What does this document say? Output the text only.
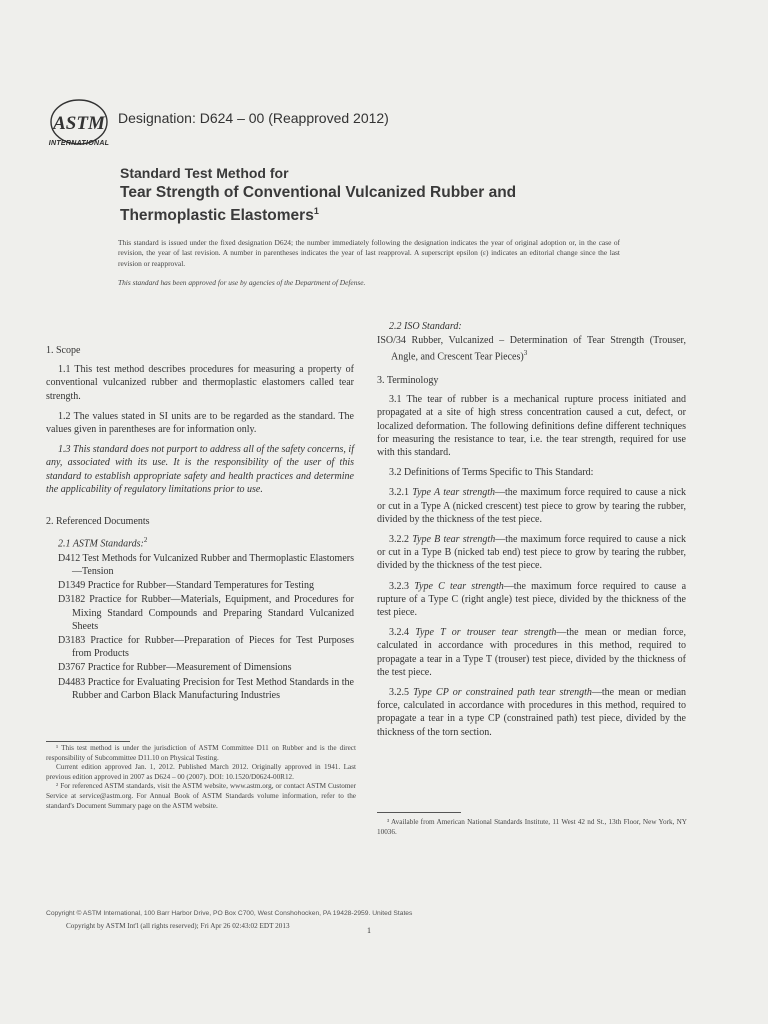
ASTM
INTERNATIONAL
Designation: D624 – 00 (Reapproved 2012)
Standard Test Method for
Tear Strength of Conventional Vulcanized Rubber and
Thermoplastic Elastomers$^1$
This standard is issued under the fixed designation D624; the number immediately following the designation indicates the year of original adoption or, in the case of revision, the year of last revision. A number in parentheses indicates the year of last reapproval. A superscript epsilon (ε) indicates an editorial change since the last revision or reapproval.
This standard has been approved for use by agencies of the Department of Defense.
1. Scope
1.1 This test method describes procedures for measuring a property of conventional vulcanized rubber and thermoplastic elastomers called tear strength.
1.2 The values stated in SI units are to be regarded as the standard. The values given in parentheses are for information only.
1.3 This standard does not purport to address all of the safety concerns, if any, associated with its use. It is the responsibility of the user of this standard to establish appropriate safety and health practices and determine the applicability of regulatory limitations prior to use.
2. Referenced Documents
2.1 ASTM Standards:$^2$
D412 Test Methods for Vulcanized Rubber and Thermoplastic Elastomers—Tension
D1349 Practice for Rubber—Standard Temperatures for Testing
D3182 Practice for Rubber—Materials, Equipment, and Procedures for Mixing Standard Compounds and Preparing Standard Vulcanized Sheets
D3183 Practice for Rubber—Preparation of Pieces for Test Purposes from Products
D3767 Practice for Rubber—Measurement of Dimensions
D4483 Practice for Evaluating Precision for Test Method Standards in the Rubber and Carbon Black Manufacturing Industries
2.2 ISO Standard:
ISO/34 Rubber, Vulcanized – Determination of Tear Strength (Trouser, Angle, and Crescent Tear Pieces)$^3$
3. Terminology
3.1 The tear of rubber is a mechanical rupture process initiated and propagated at a site of high stress concentration caused a cut, defect, or localized deformation. The following definitions define different techniques for measuring the resistance to tear, i.e. the tear strength, required for use with this standard.
3.2 Definitions of Terms Specific to This Standard:
3.2.1 Type A tear strength—the maximum force required to cause a nick or cut in a Type A (nicked crescent) test piece to grow by tearing the rubber, divided by the thickness of the test piece.
3.2.2 Type B tear strength—the maximum force required to cause a nick or cut in a Type B (nicked tab end) test piece to grow by tearing the rubber, divided by the thickness of the test piece.
3.2.3 Type C tear strength—the maximum force required to cause a rupture of a Type C (right angle) test piece, divided by the thickness of the test piece.
3.2.4 Type T or trouser tear strength—the mean or median force, calculated in accordance with procedures in this method, required to propagate a tear in a Type T (trouser) test piece, divided by the thickness of the test piece.
3.2.5 Type CP or constrained path tear strength—the mean or median force, calculated in accordance with procedures in this method, required to propagate a tear in a type CP (constrained path) test piece, divided by the thickness of the torn section.

¹ This test method is under the jurisdiction of ASTM Committee D11 on Rubber and is the direct responsibility of Subcommittee D11.10 on Physical Testing.

Current edition approved Jan. 1, 2012. Published March 2012. Originally approved in 1941. Last previous edition approved in 2007 as D624 – 00 (2007). DOI: 10.1520/D0624-00R12.

² For referenced ASTM standards, visit the ASTM website, www.astm.org, or contact ASTM Customer Service at service@astm.org. For Annual Book of ASTM Standards volume information, refer to the standard's Document Summary page on the ASTM website.

³ Available from American National Standards Institute, 11 West 42 nd St., 13th Floor, New York, NY 10036.

Copyright © ASTM International, 100 Barr Harbor Drive, PO Box C700, West Conshohocken, PA 19428-2959. United States
Copyright by ASTM Int'l (all rights reserved); Fri Apr 26 02:43:02 EDT 2013	1
